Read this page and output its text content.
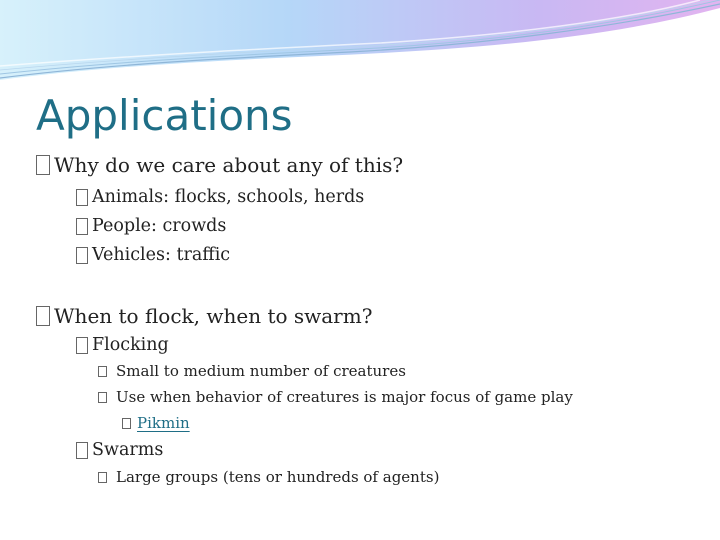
Applications
Why do we care about any of this?
Animals: flocks, schools, herds
People: crowds
Vehicles: traffic
When to flock, when to swarm?
Flocking
Small to medium number of creatures
Use when behavior of creatures is major focus of game play
Pikmin
Swarms
Large groups (tens or hundreds of agents)
